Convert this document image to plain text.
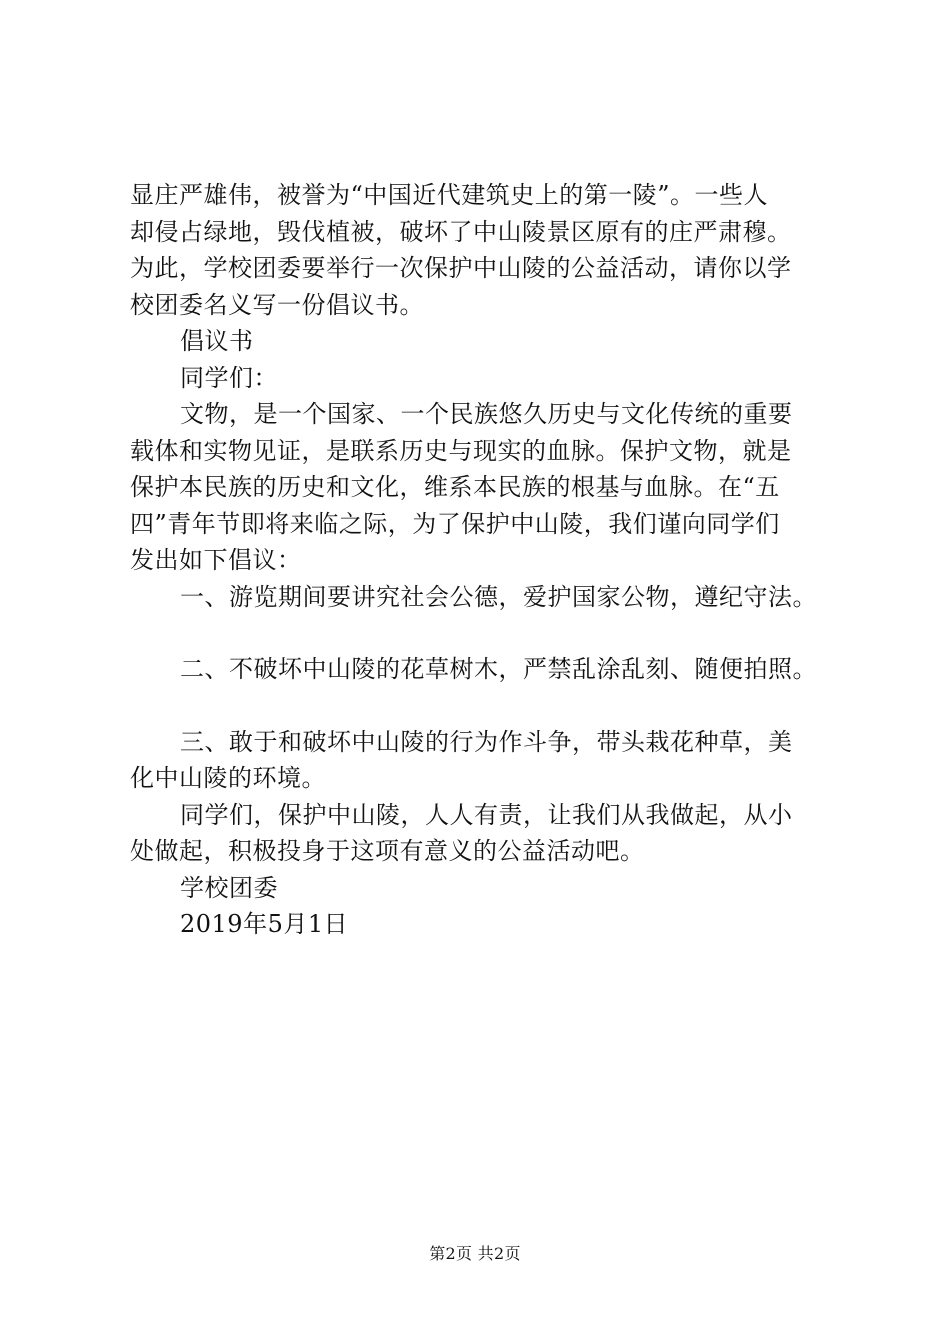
显庄严雄伟，被誉为“中国近代建筑史上的第一陵”。一些人
却侵占绿地，毁伐植被，破坏了中山陵景区原有的庄严肃穆。
为此，学校团委要举行一次保护中山陵的公益活动，请你以学
校团委名义写一份倡议书。
倡议书
同学们：
文物，是一个国家、一个民族悠久历史与文化传统的重要
载体和实物见证，是联系历史与现实的血脉。保护文物，就是
保护本民族的历史和文化，维系本民族的根基与血脉。在“五
四”青年节即将来临之际，为了保护中山陵，我们谨向同学们
发出如下倡议：
一、游览期间要讲究社会公德，爱护国家公物，遵纪守法。
二、不破坏中山陵的花草树木，严禁乱涂乱刻、随便拍照。
三、敢于和破坏中山陵的行为作斗争，带头栽花种草，美
化中山陵的环境。
同学们，保护中山陵，人人有责，让我们从我做起，从小
处做起，积极投身于这项有意义的公益活动吧。
学校团委
2019年5月1日
第2页 共2页
